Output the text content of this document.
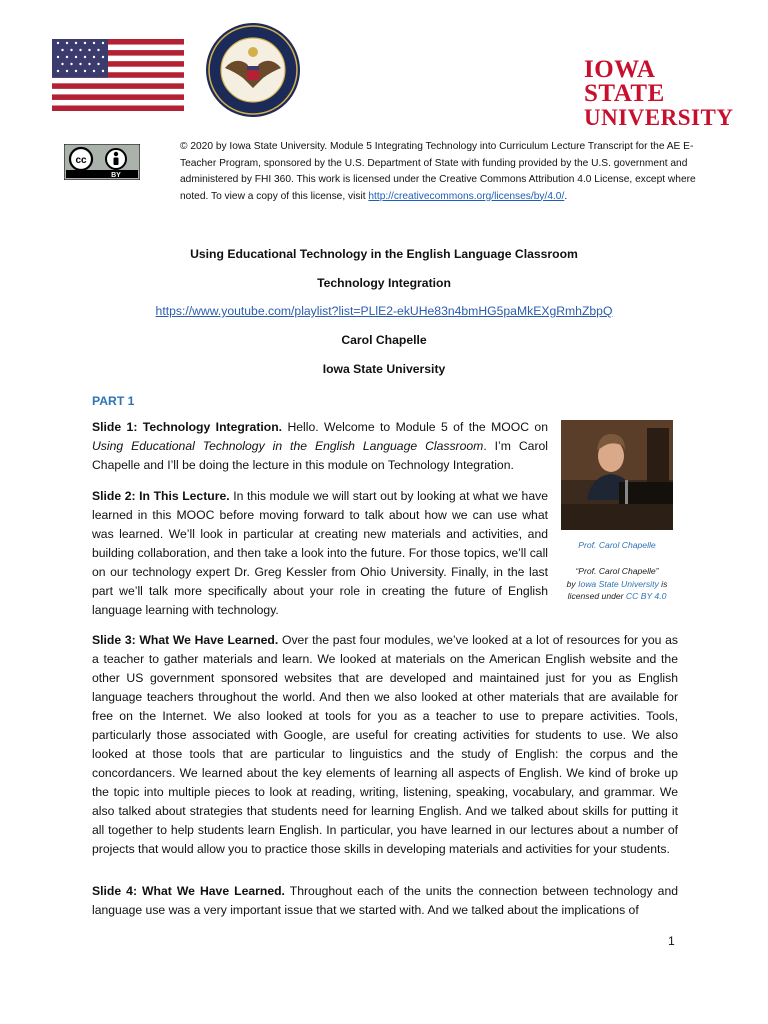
IOWA STATE
UNIVERSITY
cc
BY
© 2020 by Iowa State University. Module 5 Integrating Technology into Curriculum Lecture Transcript for the AE E-Teacher Program, sponsored by the U.S. Department of State with funding provided by the U.S. government and administered by FHI 360. This work is licensed under the Creative Commons Attribution 4.0 License, except where noted. To view a copy of this license, visit http://creativecommons.org/licenses/by/4.0/.
Using Educational Technology in the English Language Classroom
Technology Integration
https://www.youtube.com/playlist?list=PLlE2-ekUHe83n4bmHG5paMkEXgRmhZbpQ
Carol Chapelle
Iowa State University
PART 1
Slide 1: Technology Integration. Hello. Welcome to Module 5 of the MOOC on
Using Educational Technology in the English Language Classroom. I’m Carol
Chapelle and I’ll be doing the lecture in this module on Technology Integration.
Prof. Carol Chapelle
“Prof. Carol Chapelle”
by Iowa State University is
licensed under CC BY 4.0
Slide 2: In This Lecture. In this module we will start out by looking at what we have learned in this MOOC before moving forward to talk about how we can use what was learned. We’ll look in particular at creating new materials and activities, and building collaboration, and then take a look into the future. For those topics, we’ll call on our technology expert Dr. Greg Kessler from Ohio University. Finally, in the last part we’ll talk more specifically about your role in creating the future of English language learning with technology.
Slide 3: What We Have Learned. Over the past four modules, we’ve looked at a lot of resources for you as a teacher to gather materials and learn. We looked at materials on the American English website and the other US government sponsored websites that are developed and maintained just for you as English language teachers throughout the world. And then we also looked at other materials that are available for free on the Internet. We also looked at tools for you as a teacher to use to prepare activities. Tools, particularly those associated with Google, are useful for creating activities for students to use. We also looked at those tools that are particular to linguistics and the study of English: the corpus and the concordancers. We learned about the key elements of learning all aspects of English. We kind of broke up the topic into multiple pieces to look at reading, writing, listening, speaking, vocabulary, and grammar. We also talked about strategies that students need for learning English. And we talked about skills for putting it all together to help students learn English. In particular, you have learned in our lectures about a number of projects that would allow you to practice those skills in developing materials and activities for your students.
Slide 4: What We Have Learned. Throughout each of the units the connection between technology and language use was a very important issue that we started with. And we talked about the implications of
1
